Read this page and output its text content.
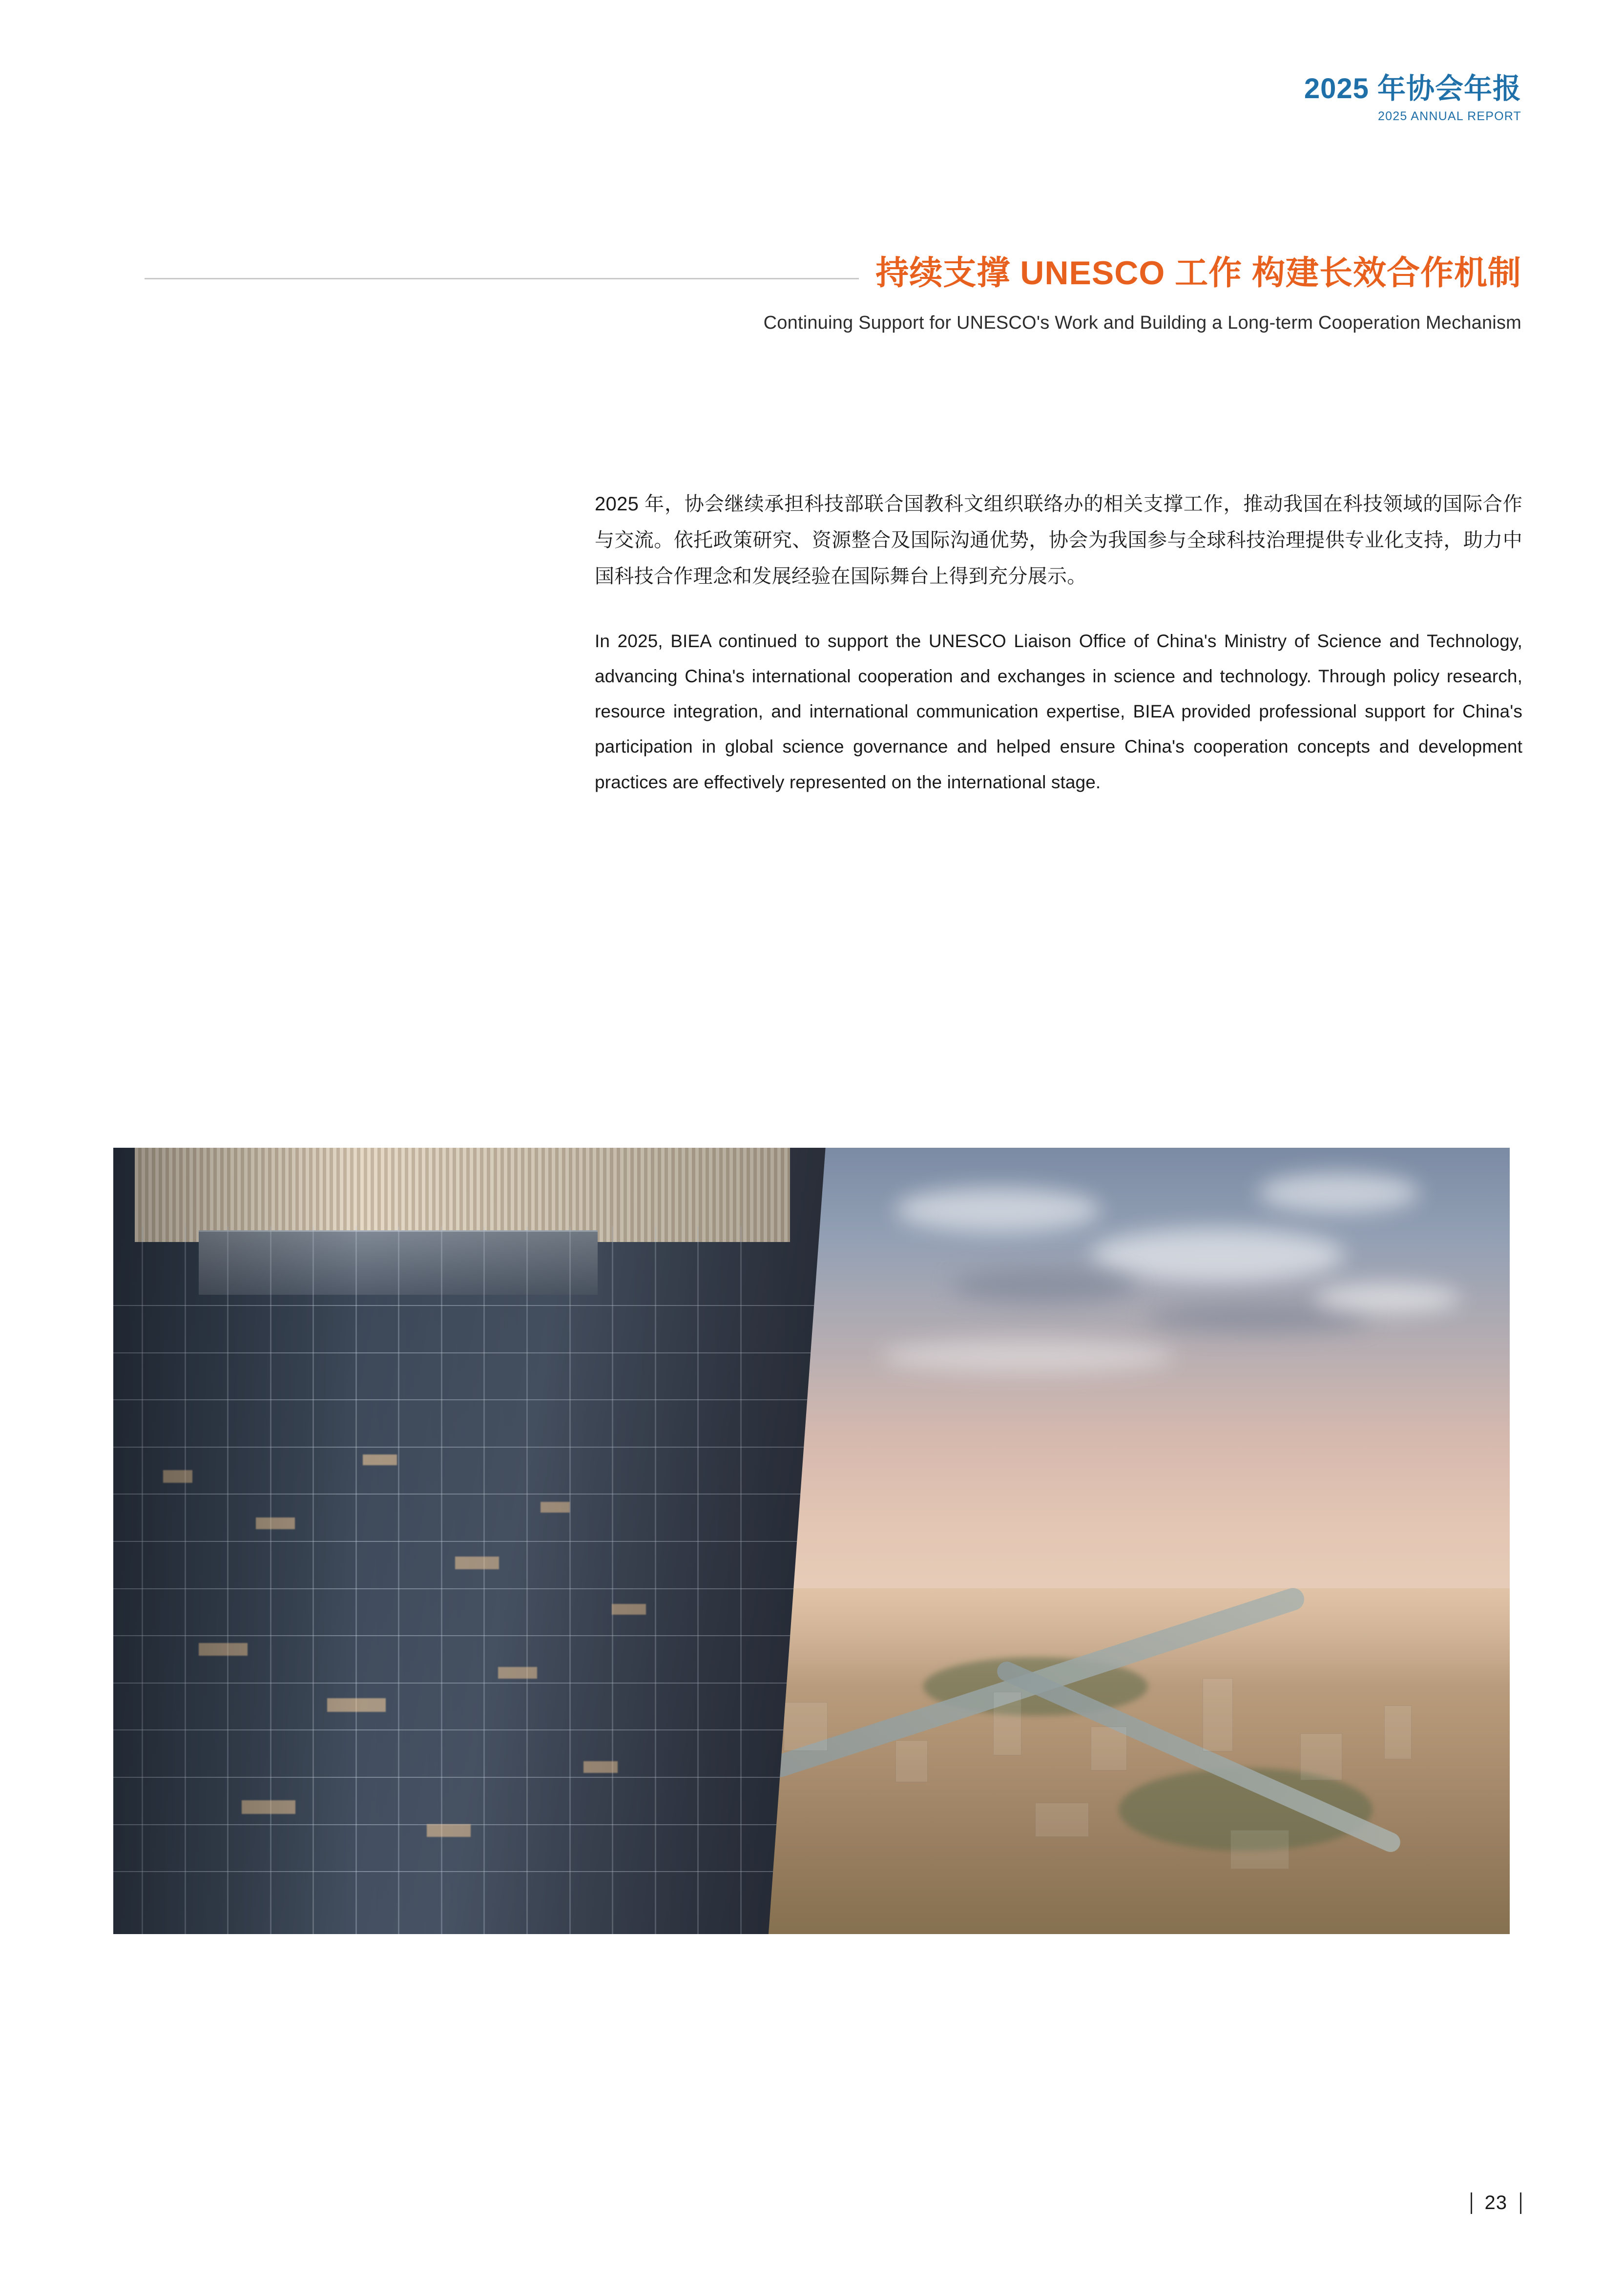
2025 年协会年报
2025 ANNUAL REPORT
持续支撑 UNESCO 工作 构建长效合作机制
Continuing Support for UNESCO's Work and Building a Long-term Cooperation Mechanism

2025 年，协会继续承担科技部联合国教科文组织联络办的相关支撑工作，推动我国在科技领域的国际合作与交流。依托政策研究、资源整合及国际沟通优势，协会为我国参与全球科技治理提供专业化支持，助力中国科技合作理念和发展经验在国际舞台上得到充分展示。

In 2025, BIEA continued to support the UNESCO Liaison Office of China's Ministry of Science and Technology, advancing China's international cooperation and exchanges in science and technology. Through policy research, resource integration, and international communication expertise, BIEA provided professional support for China's participation in global science governance and helped ensure China's cooperation concepts and development practices are effectively represented on the international stage.

23
